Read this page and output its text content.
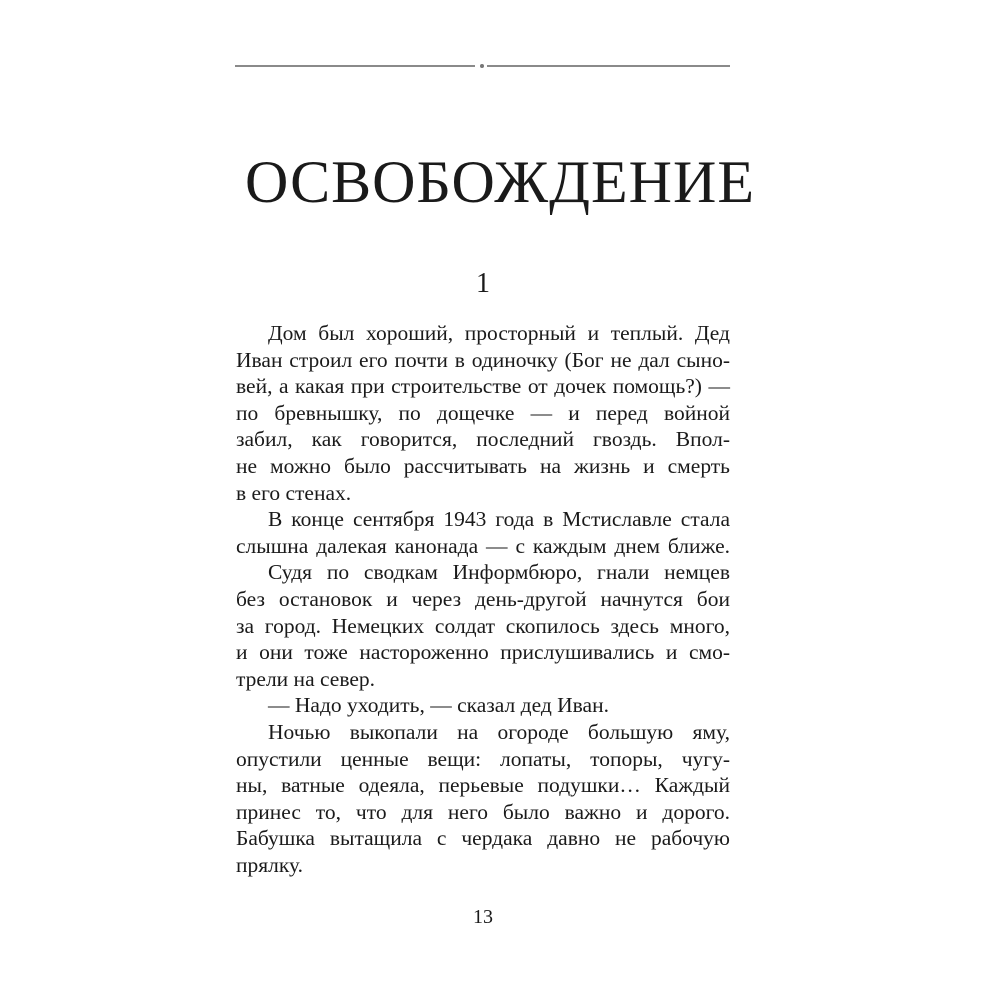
ОСВОБОЖДЕНИЕ
1
Дом был хороший, просторный и теплый. Дед
Иван строил его почти в одиночку (Бог не дал сыно-
вей, а какая при строительстве от дочек помощь?) —
по бревнышку, по дощечке — и перед войной
забил, как говорится, последний гвоздь. Впол-
не можно было рассчитывать на жизнь и смерть
в его стенах.
В конце сентября 1943 года в Мстиславле стала
слышна далекая канонада — с каждым днем ближе.
Судя по сводкам Информбюро, гнали немцев
без остановок и через день-другой начнутся бои
за город. Немецких солдат скопилось здесь много,
и они тоже настороженно прислушивались и смо-
трели на север.
— Надо уходить, — сказал дед Иван.
Ночью выкопали на огороде большую яму,
опустили ценные вещи: лопаты, топоры, чугу-
ны, ватные одеяла, перьевые подушки… Каждый
принес то, что для него было важно и дорого.
Бабушка вытащила с чердака давно не рабочую
прялку.
13
